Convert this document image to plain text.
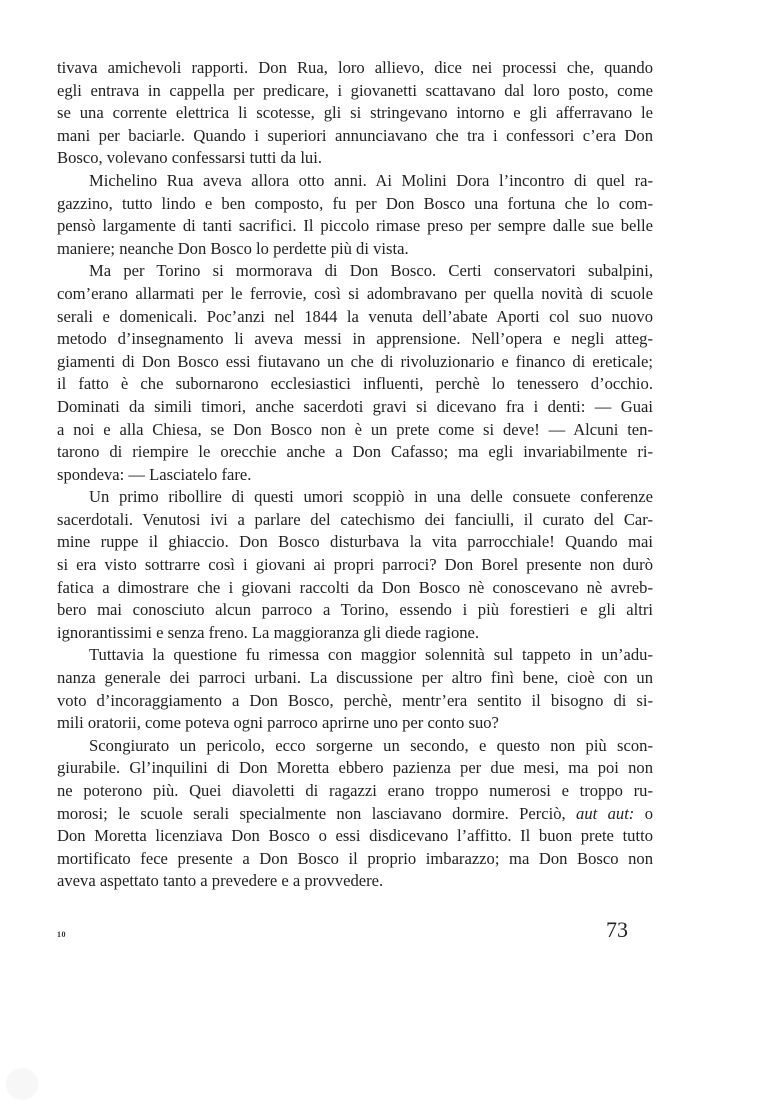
tivava amichevoli rapporti. Don Rua, loro allievo, dice nei processi che, quando
egli entrava in cappella per predicare, i giovanetti scattavano dal loro posto, come
se una corrente elettrica li scotesse, gli si stringevano intorno e gli afferravano le
mani per baciarle. Quando i superiori annunciavano che tra i confessori c’era Don
Bosco, volevano confessarsi tutti da lui.
Michelino Rua aveva allora otto anni. Ai Molini Dora l’incontro di quel ra-
gazzino, tutto lindo e ben composto, fu per Don Bosco una fortuna che lo com-
pensò largamente di tanti sacrifici. Il piccolo rimase preso per sempre dalle sue belle
maniere; neanche Don Bosco lo perdette più di vista.
Ma per Torino si mormorava di Don Bosco. Certi conservatori subalpini,
com’erano allarmati per le ferrovie, così si adombravano per quella novità di scuole
serali e domenicali. Poc’anzi nel 1844 la venuta dell’abate Aporti col suo nuovo
metodo d’insegnamento li aveva messi in apprensione. Nell’opera e negli atteg-
giamenti di Don Bosco essi fiutavano un che di rivoluzionario e financo di ereticale;
il fatto è che subornarono ecclesiastici influenti, perchè lo tenessero d’occhio.
Dominati da simili timori, anche sacerdoti gravi si dicevano fra i denti: — Guai
a noi e alla Chiesa, se Don Bosco non è un prete come si deve! — Alcuni ten-
tarono di riempire le orecchie anche a Don Cafasso; ma egli invariabilmente ri-
spondeva: — Lasciatelo fare.
Un primo ribollire di questi umori scoppiò in una delle consuete conferenze
sacerdotali. Venutosi ivi a parlare del catechismo dei fanciulli, il curato del Car-
mine ruppe il ghiaccio. Don Bosco disturbava la vita parrocchiale! Quando mai
si era visto sottrarre così i giovani ai propri parroci? Don Borel presente non durò
fatica a dimostrare che i giovani raccolti da Don Bosco nè conoscevano nè avreb-
bero mai conosciuto alcun parroco a Torino, essendo i più forestieri e gli altri
ignorantissimi e senza freno. La maggioranza gli diede ragione.
Tuttavia la questione fu rimessa con maggior solennità sul tappeto in un’adu-
nanza generale dei parroci urbani. La discussione per altro finì bene, cioè con un
voto d’incoraggiamento a Don Bosco, perchè, mentr’era sentito il bisogno di si-
mili oratorii, come poteva ogni parroco aprirne uno per conto suo?
Scongiurato un pericolo, ecco sorgerne un secondo, e questo non più scon-
giurabile. Gl’inquilini di Don Moretta ebbero pazienza per due mesi, ma poi non
ne poterono più. Quei diavoletti di ragazzi erano troppo numerosi e troppo ru-
morosi; le scuole serali specialmente non lasciavano dormire. Perciò, aut aut: o
Don Moretta licenziava Don Bosco o essi disdicevano l’affitto. Il buon prete tutto
mortificato fece presente a Don Bosco il proprio imbarazzo; ma Don Bosco non
aveva aspettato tanto a prevedere e a provvedere.
10	73
